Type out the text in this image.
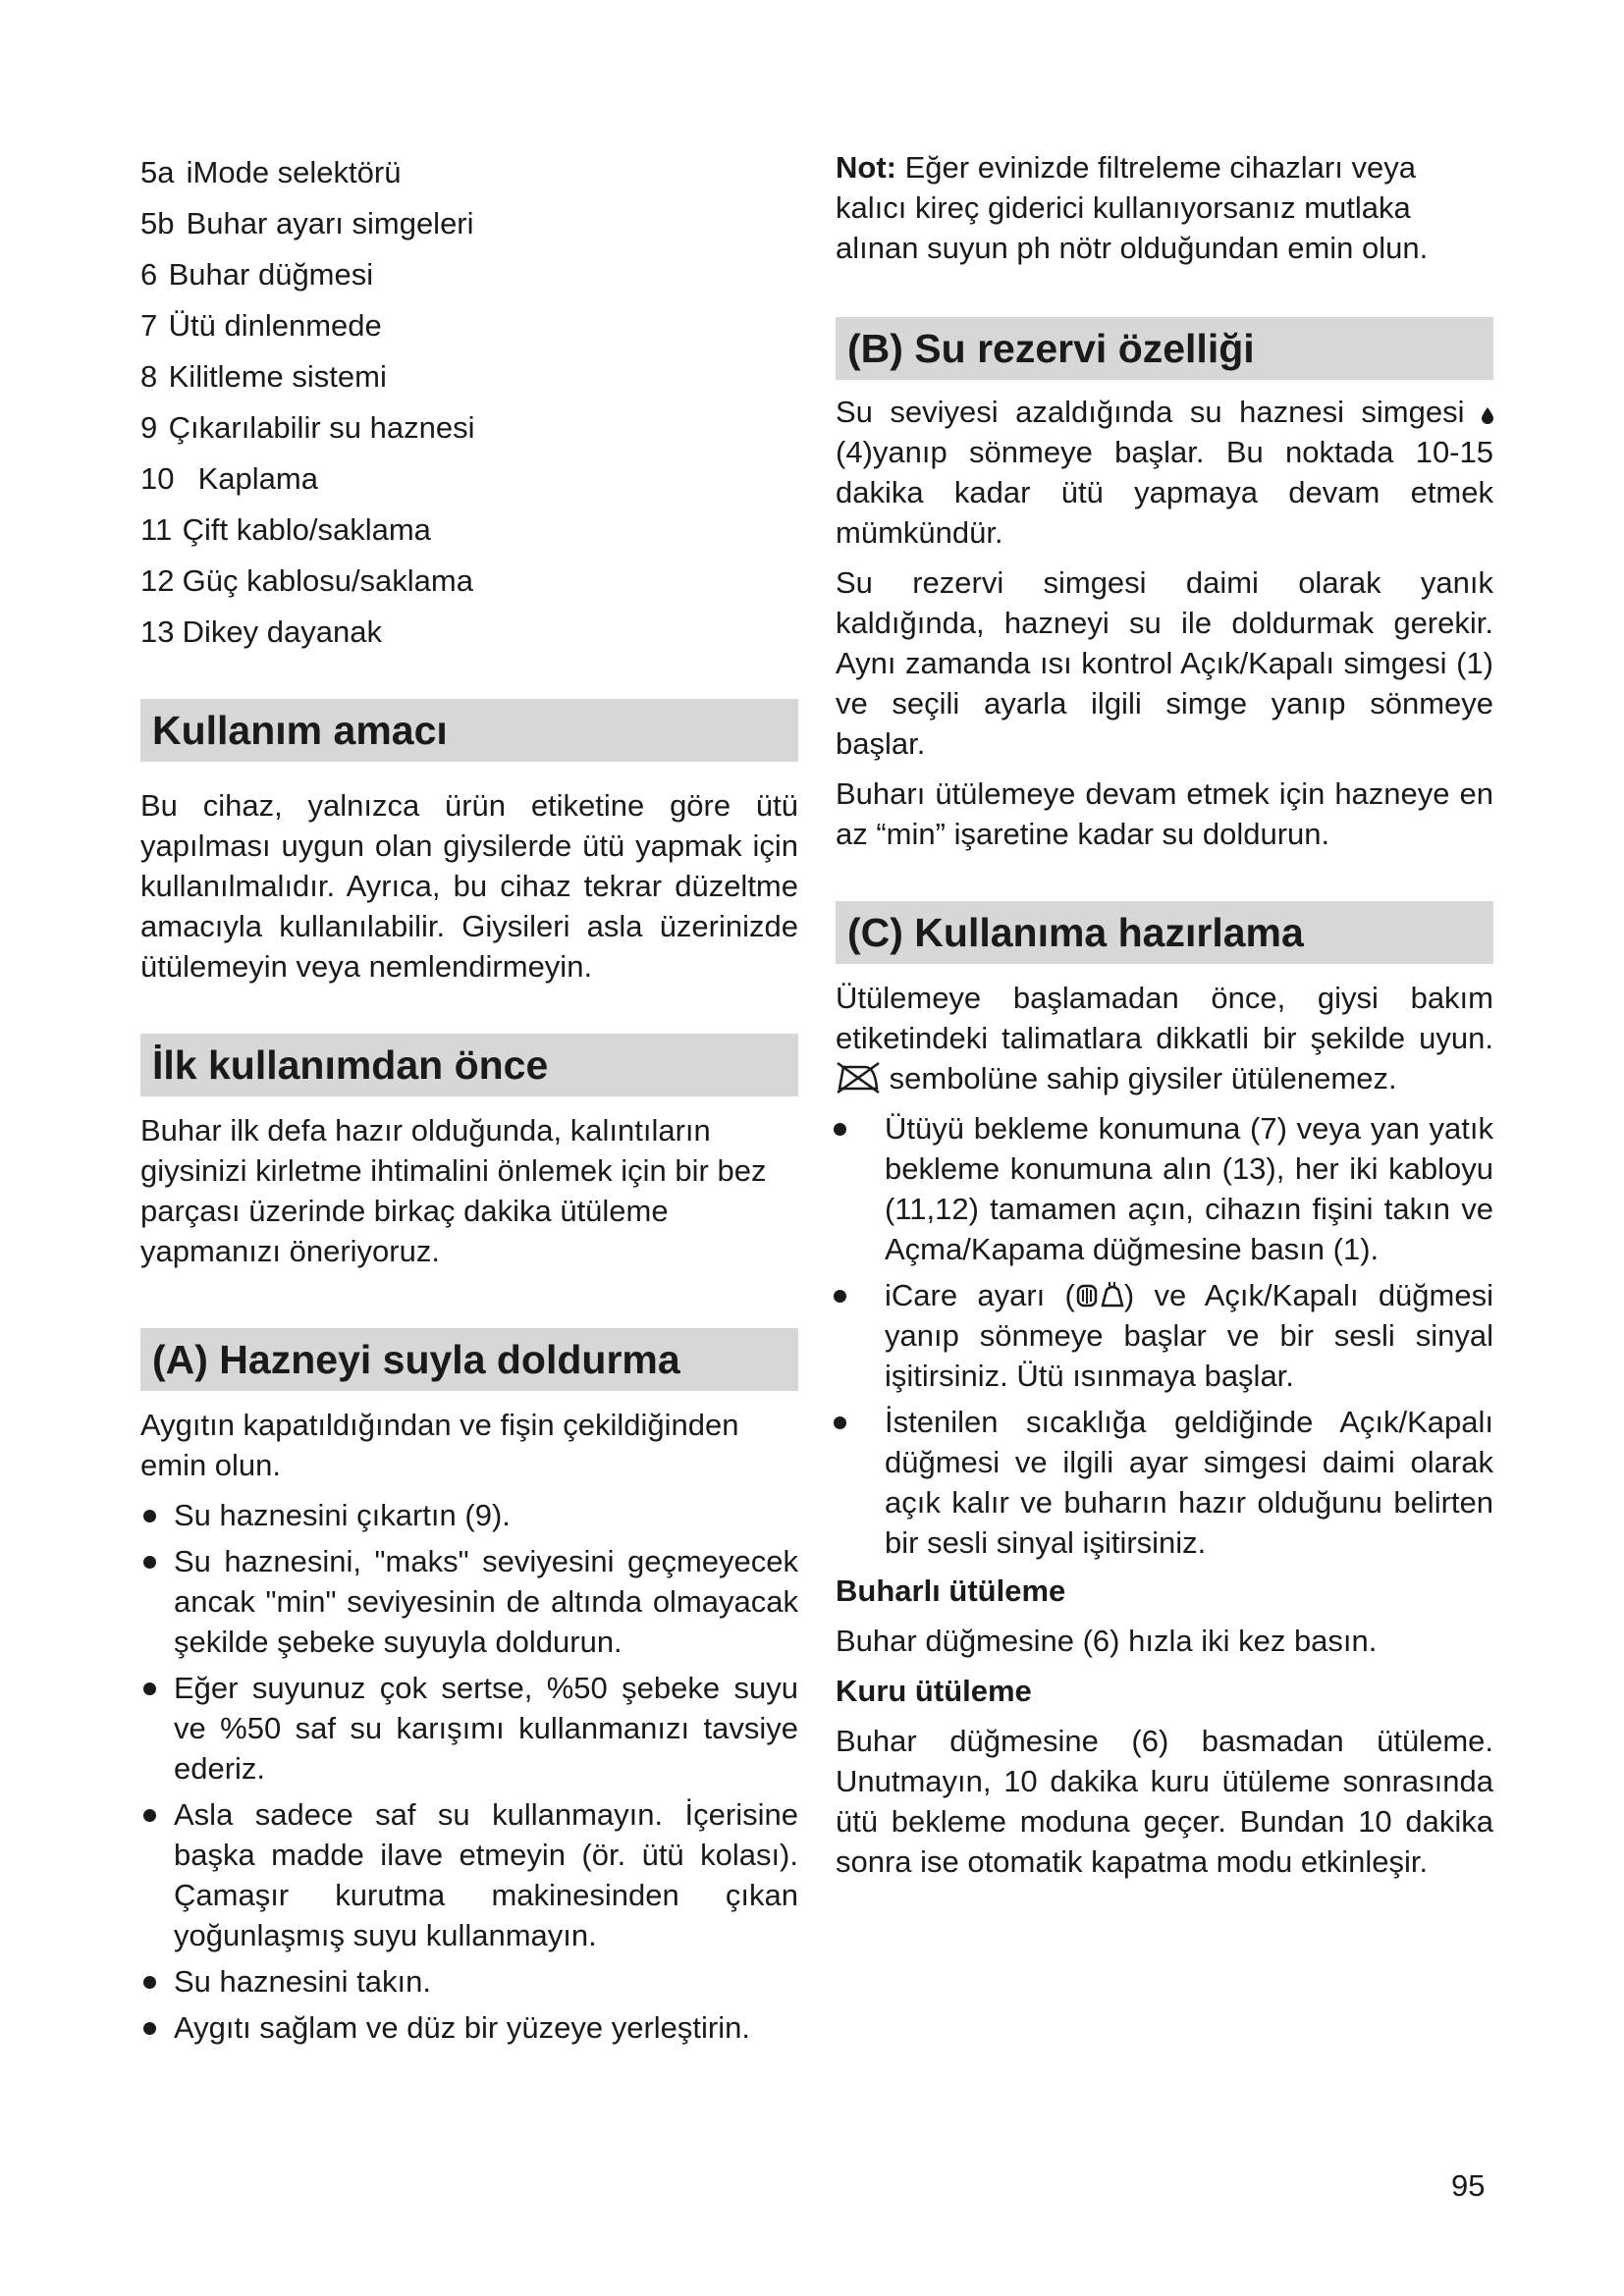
5a iMode selektörü
5b Buhar ayarı simgeleri
6 Buhar düğmesi
7 Ütü dinlenmede
8 Kilitleme sistemi
9 Çıkarılabilir su haznesi
10 Kaplama
11 Çift kablo/saklama
12 Güç kablosu/saklama
13 Dikey dayanak
Kullanım amacı

Bu cihaz, yalnızca ürün etiketine göre ütü yapılması uygun olan giysilerde ütü yapmak için kullanılmalıdır. Ayrıca, bu cihaz tekrar düzeltme amacıyla kullanılabilir. Giysileri asla üzerinizde ütülemeyin veya nemlendirmeyin.

İlk kullanımdan önce

Buhar ilk defa hazır olduğunda, kalıntıların giysinizi kirletme ihtimalini önlemek için bir bez parçası üzerinde birkaç dakika ütüleme yapmanızı öneriyoruz.

(A) Hazneyi suyla doldurma

Aygıtın kapatıldığından ve fişin çekildiğinden emin olun.

Su haznesini çıkartın (9).
Su haznesini, "maks" seviyesini geçmeyecek ancak "min" seviyesinin de altında olmayacak şekilde şebeke suyuyla doldurun.
Eğer suyunuz çok sertse, %50 şebeke suyu ve %50 saf su karışımı kullanmanızı tavsiye ederiz.
Asla sadece saf su kullanmayın. İçerisine başka madde ilave etmeyin (ör. ütü kolası). Çamaşır kurutma makinesinden çıkan yoğunlaşmış suyu kullanmayın.
Su haznesini takın.
Aygıtı sağlam ve düz bir yüzeye yerleştirin.

Not: Eğer evinizde filtreleme cihazları veya kalıcı kireç giderici kullanıyorsanız mutlaka alınan suyun ph nötr olduğundan emin olun.

(B) Su rezervi özelliği

Su seviyesi azaldığında su haznesi simgesi  (4)yanıp sönmeye başlar. Bu noktada 10-15 dakika kadar ütü yapmaya devam etmek mümkündür.

Su rezervi simgesi daimi olarak yanık kaldığında, hazneyi su ile doldurmak gerekir. Aynı zamanda ısı kontrol Açık/Kapalı simgesi (1) ve seçili ayarla ilgili simge yanıp sönmeye başlar.

Buharı ütülemeye devam etmek için hazneye en az “min” işaretine kadar su doldurun.

(C) Kullanıma hazırlama

Ütülemeye başlamadan önce, giysi bakım etiketindeki talimatlara dikkatli bir şekilde uyun.  sembolüne sahip giysiler ütülenemez.

Ütüyü bekleme konumuna (7) veya yan yatık bekleme konumuna alın (13), her iki kabloyu (11,12) tamamen açın, cihazın fişini takın ve Açma/Kapama düğmesine basın (1).
iCare ayarı ( ) ve Açık/Kapalı düğmesi yanıp sönmeye başlar ve bir sesli sinyal işitirsiniz. Ütü ısınmaya başlar.
İstenilen sıcaklığa geldiğinde Açık/Kapalı düğmesi ve ilgili ayar simgesi daimi olarak açık kalır ve buharın hazır olduğunu belirten bir sesli sinyal işitirsiniz.
Buharlı ütüleme

Buhar düğmesine (6) hızla iki kez basın.

Kuru ütüleme

Buhar düğmesine (6) basmadan ütüleme. Unutmayın, 10 dakika kuru ütüleme sonrasında ütü bekleme moduna geçer. Bundan 10 dakika sonra ise otomatik kapatma modu etkinleşir.

95
